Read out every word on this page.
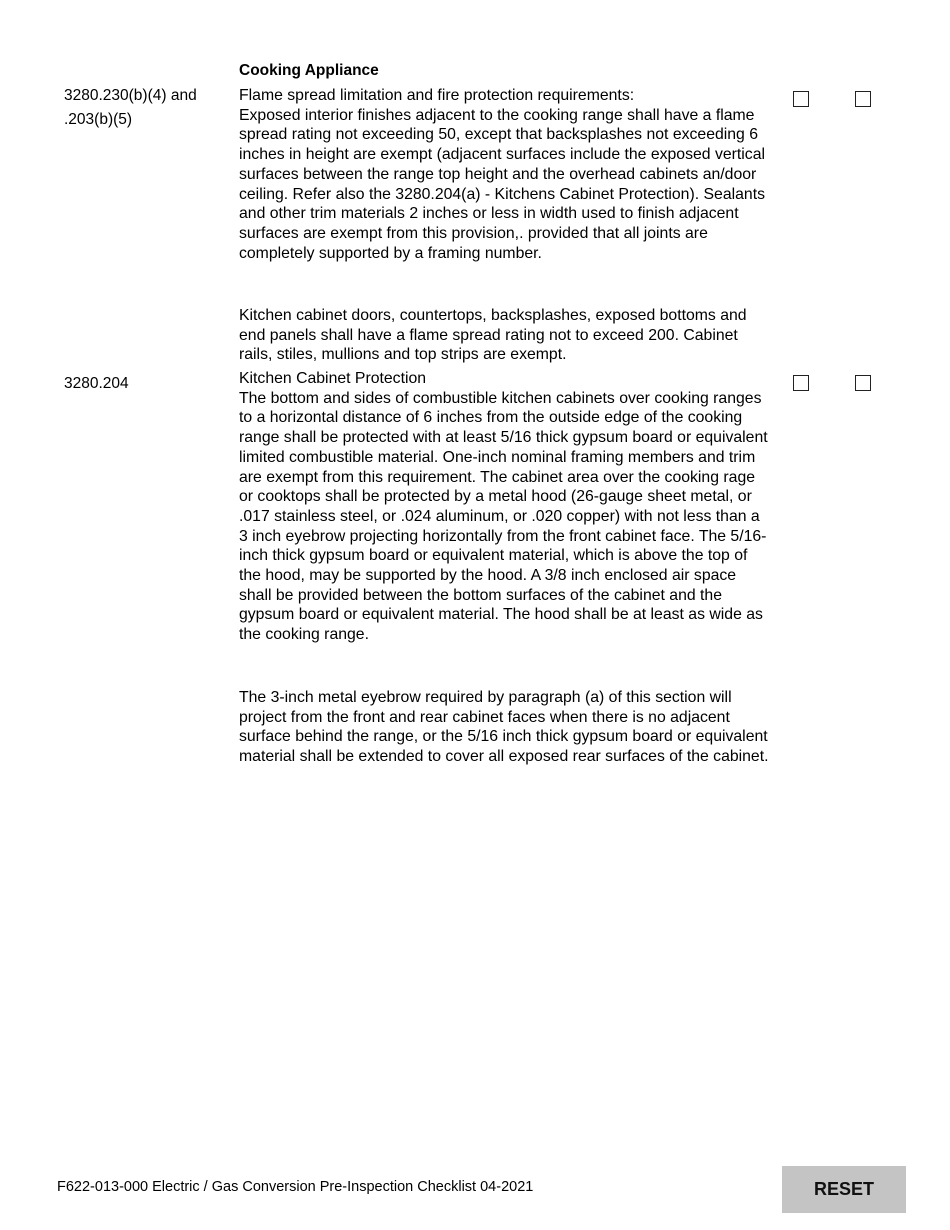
Cooking Appliance
3280.230(b)(4) and .203(b)(5)

Flame spread limitation and fire protection requirements:

Exposed interior finishes adjacent to the cooking range shall have a flame spread rating not exceeding 50, except that backsplashes not exceeding 6 inches in height are exempt (adjacent surfaces include the exposed vertical surfaces between the range top height and the overhead cabinets an/door ceiling. Refer also the 3280.204(a) - Kitchens Cabinet Protection). Sealants and other trim materials 2 inches or less in width used to finish adjacent surfaces are exempt from this provision,. provided that all joints are completely supported by a framing number.

Kitchen cabinet doors, countertops, backsplashes, exposed bottoms and end panels shall have a flame spread rating not to exceed 200. Cabinet rails, stiles, mullions and top strips are exempt.

3280.204	Kitchen Cabinet Protection

The bottom and sides of combustible kitchen cabinets over cooking ranges to a horizontal distance of 6 inches from the outside edge of the cooking range shall be protected with at least 5/16 thick gypsum board or equivalent limited combustible material. One-inch nominal framing members and trim are exempt from this requirement. The cabinet area over the cooking rage or cooktops shall be protected by a metal hood (26-gauge sheet metal, or .017 stainless steel, or .024 aluminum, or .020 copper) with not less than a 3 inch eyebrow projecting horizontally from the front cabinet face. The 5/16-inch thick gypsum board or equivalent material, which is above the top of the hood, may be supported by the hood. A 3/8 inch enclosed air space shall be provided between the bottom surfaces of the cabinet and the gypsum board or equivalent material. The hood shall be at least as wide as the cooking range.

The 3-inch metal eyebrow required by paragraph (a) of this section will project from the front and rear cabinet faces when there is no adjacent surface behind the range, or the 5/16 inch thick gypsum board or equivalent material shall be extended to cover all exposed rear surfaces of the cabinet.

F622-013-000 Electric / Gas Conversion Pre-Inspection Checklist 04-2021	RESET
